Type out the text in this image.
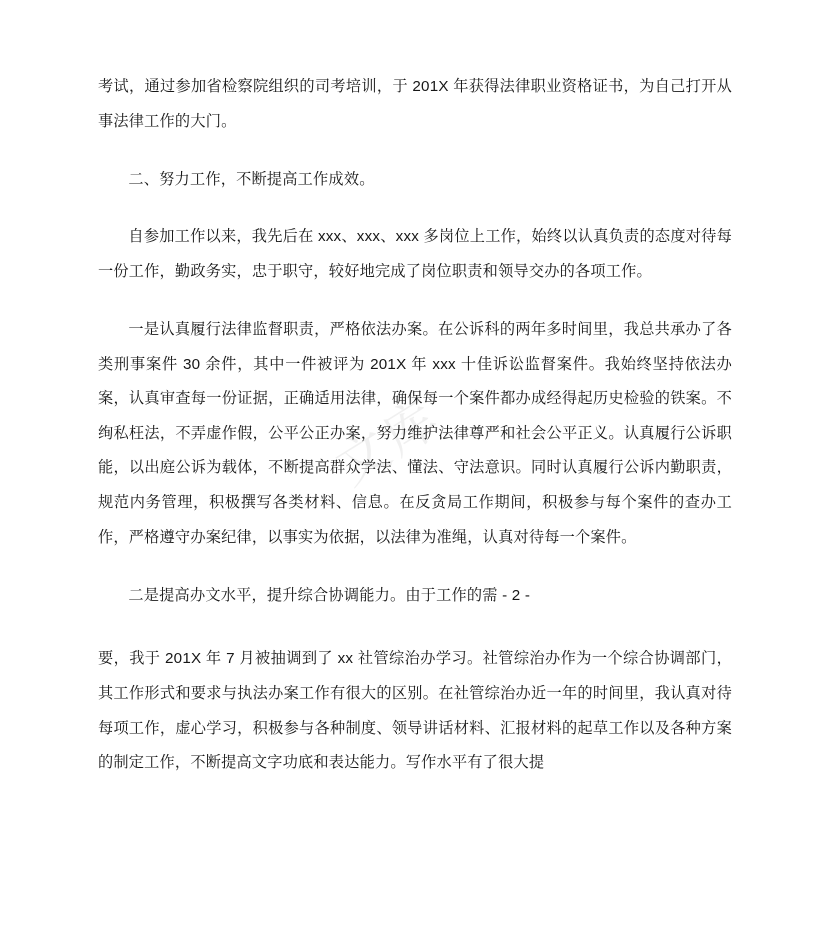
文库

考试，通过参加省检察院组织的司考培训，于 201X 年获得法律职业资格证书，为自己打开从事法律工作的大门。

二、努力工作，不断提高工作成效。

自参加工作以来，我先后在 xxx、xxx、xxx 多岗位上工作，始终以认真负责的态度对待每一份工作，勤政务实，忠于职守，较好地完成了岗位职责和领导交办的各项工作。

一是认真履行法律监督职责，严格依法办案。在公诉科的两年多时间里，我总共承办了各类刑事案件 30 余件，其中一件被评为 201X 年 xxx 十佳诉讼监督案件。我始终坚持依法办案，认真审查每一份证据，正确适用法律，确保每一个案件都办成经得起历史检验的铁案。不绚私枉法，不弄虚作假，公平公正办案，努力维护法律尊严和社会公平正义。认真履行公诉职能，以出庭公诉为载体，不断提高群众学法、懂法、守法意识。同时认真履行公诉内勤职责，规范内务管理，积极撰写各类材料、信息。在反贪局工作期间，积极参与每个案件的查办工作，严格遵守办案纪律，以事实为依据，以法律为准绳，认真对待每一个案件。

二是提高办文水平，提升综合协调能力。由于工作的需 - 2 -

要，我于 201X 年 7 月被抽调到了 xx 社管综治办学习。社管综治办作为一个综合协调部门，其工作形式和要求与执法办案工作有很大的区别。在社管综治办近一年的时间里，我认真对待每项工作，虚心学习，积极参与各种制度、领导讲话材料、汇报材料的起草工作以及各种方案的制定工作，不断提高文字功底和表达能力。写作水平有了很大提
